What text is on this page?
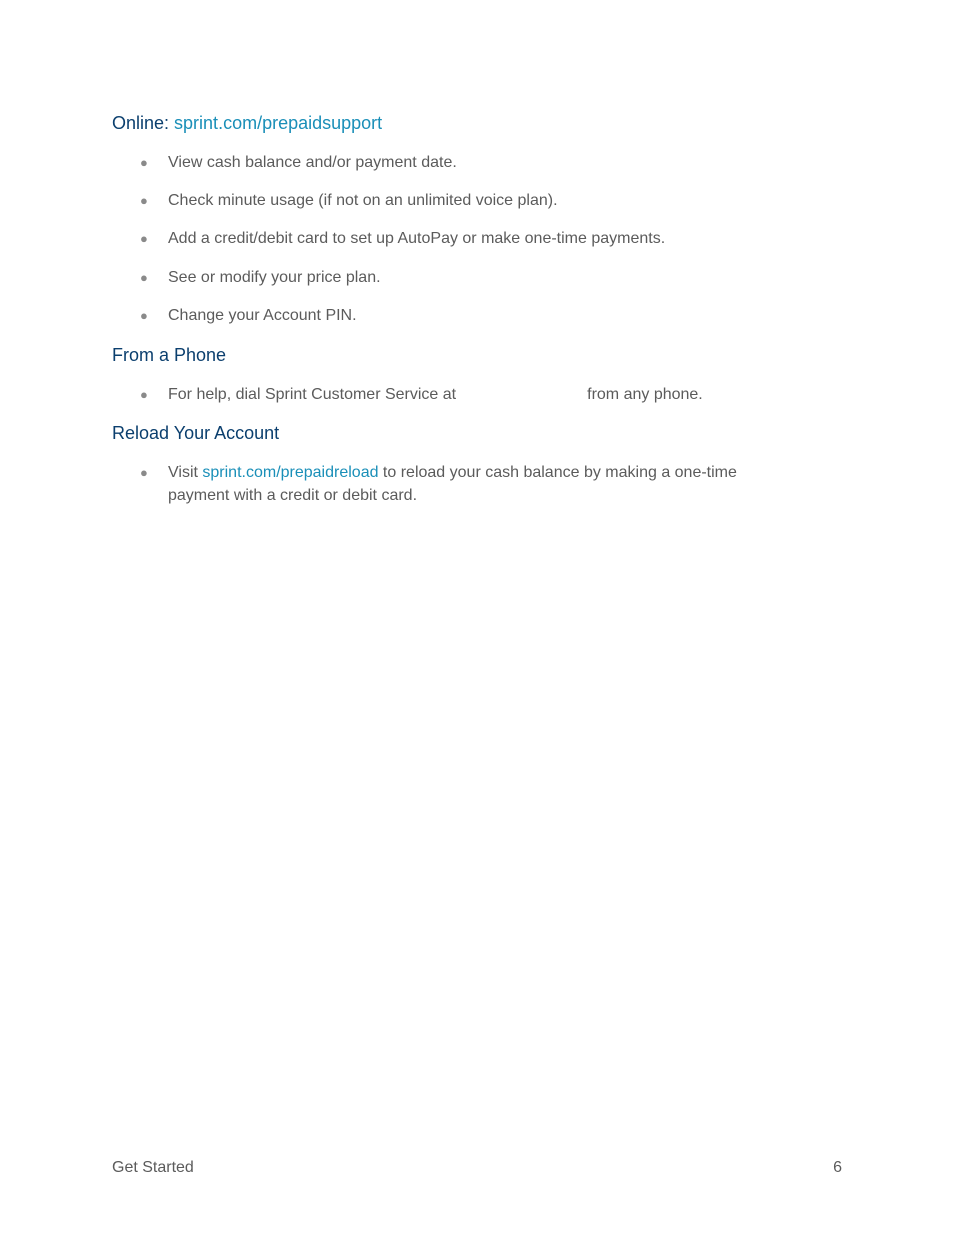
Online: sprint.com/prepaidsupport
●	View cash balance and/or payment date.
●	Check minute usage (if not on an unlimited voice plan).
●	Add a credit/debit card to set up AutoPay or make one-time payments.
●	See or modify your price plan.
●	Change your Account PIN.
From a Phone
●	For help, dial Sprint Customer Service at	from any phone.
Reload Your Account
●	Visit sprint.com/prepaidreload to reload your cash balance by making a one-time payment with a credit or debit card.
Get Started	6
